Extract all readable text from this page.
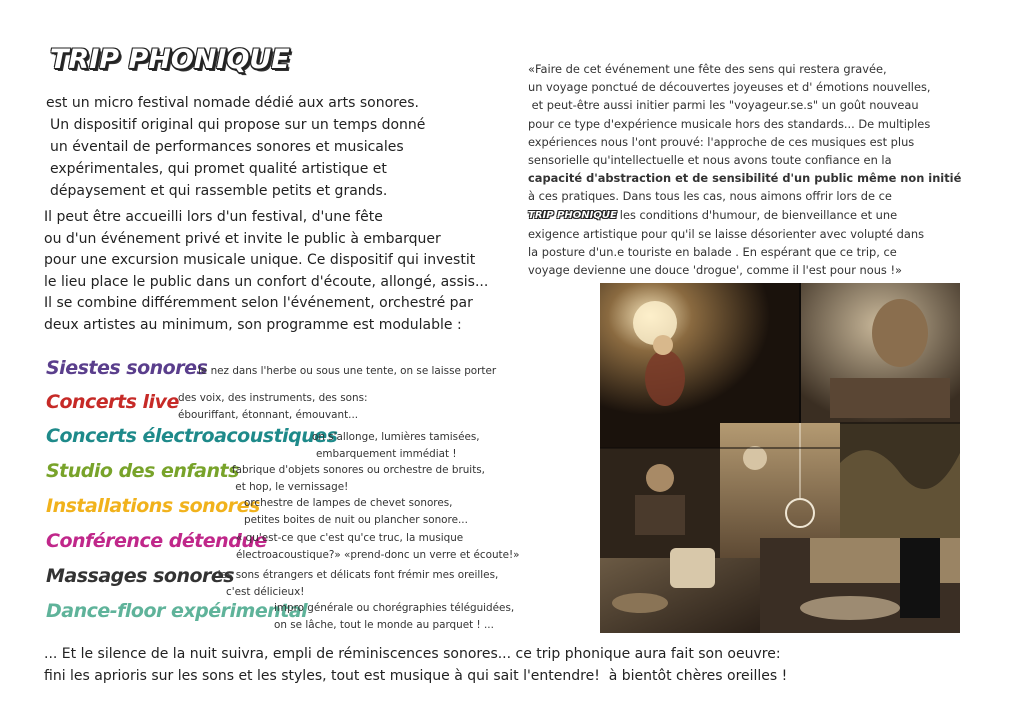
TRIP PHONIQUE
est un micro festival nomade dédié aux arts sonores.
Un dispositif original qui propose sur un temps donné
un éventail de performances sonores et musicales
expérimentales, qui promet qualité artistique et
dépaysement et qui rassemble petits et grands.
Il peut être accueilli lors d'un festival, d'une fête
ou d'un événement privé et invite le public à embarquer
pour une excursion musicale unique. Ce dispositif qui investit
le lieu place le public dans un confort d'écoute, allongé, assis...
Il se combine différemment selon l'événement, orchestré par
deux artistes au minimum, son programme est modulable :
«Faire de cet événement une fête des sens qui restera gravée,
un voyage ponctué de découvertes joyeuses et d' émotions nouvelles,
et peut-être aussi initier parmi les "voyageur.se.s" un goût nouveau
pour ce type d'expérience musicale hors des standards... De multiples
expériences nous l'ont prouvé: l'approche de ces musiques est plus
sensorielle qu'intellectuelle et nous avons toute confiance en la
capacité d'abstraction et de sensibilité d'un public même non initié
à ces pratiques. Dans tous les cas, nous aimons offrir lors de ce
TRIP PHONIQUE les conditions d'humour, de bienveillance et une
exigence artistique pour qu'il se laisse désorienter avec volupté dans
la posture d'un.e touriste en balade . En espérant que ce trip, ce
voyage devienne une douce 'drogue', comme il l'est pour nous !»
Siestes sonores
le nez dans l'herbe ou sous une tente, on se laisse porter
Concerts live des voix, des instruments, des sons:
ébouriffant, étonnant, émouvant...
Concerts électroacoustiques
on s'allonge, lumières tamisées,
embarquement immédiat !
Studio des enfants
fabrique d'objets sonores ou orchestre de bruits,
et hop, le vernissage!
Installations sonores
orchestre de lampes de chevet sonores,
petites boites de nuit ou plancher sonore...
Conférence détendue
« qu'est-ce que c'est qu'ce truc, la musique
électroacoustique?» «prend-donc un verre et écoute!»
Massages sonores
des sons étrangers et délicats font frémir mes oreilles,
c'est délicieux!
Dance-floor expérimental
impro générale ou chorégraphies téléguidées,
on se lâche, tout le monde au parquet ! ...
... Et le silence de la nuit suivra, empli de réminiscences sonores... ce trip phonique aura fait son oeuvre:
fini les aprioris sur les sons et les styles, tout est musique à qui sait l'entendre!  à bientôt chères oreilles !
